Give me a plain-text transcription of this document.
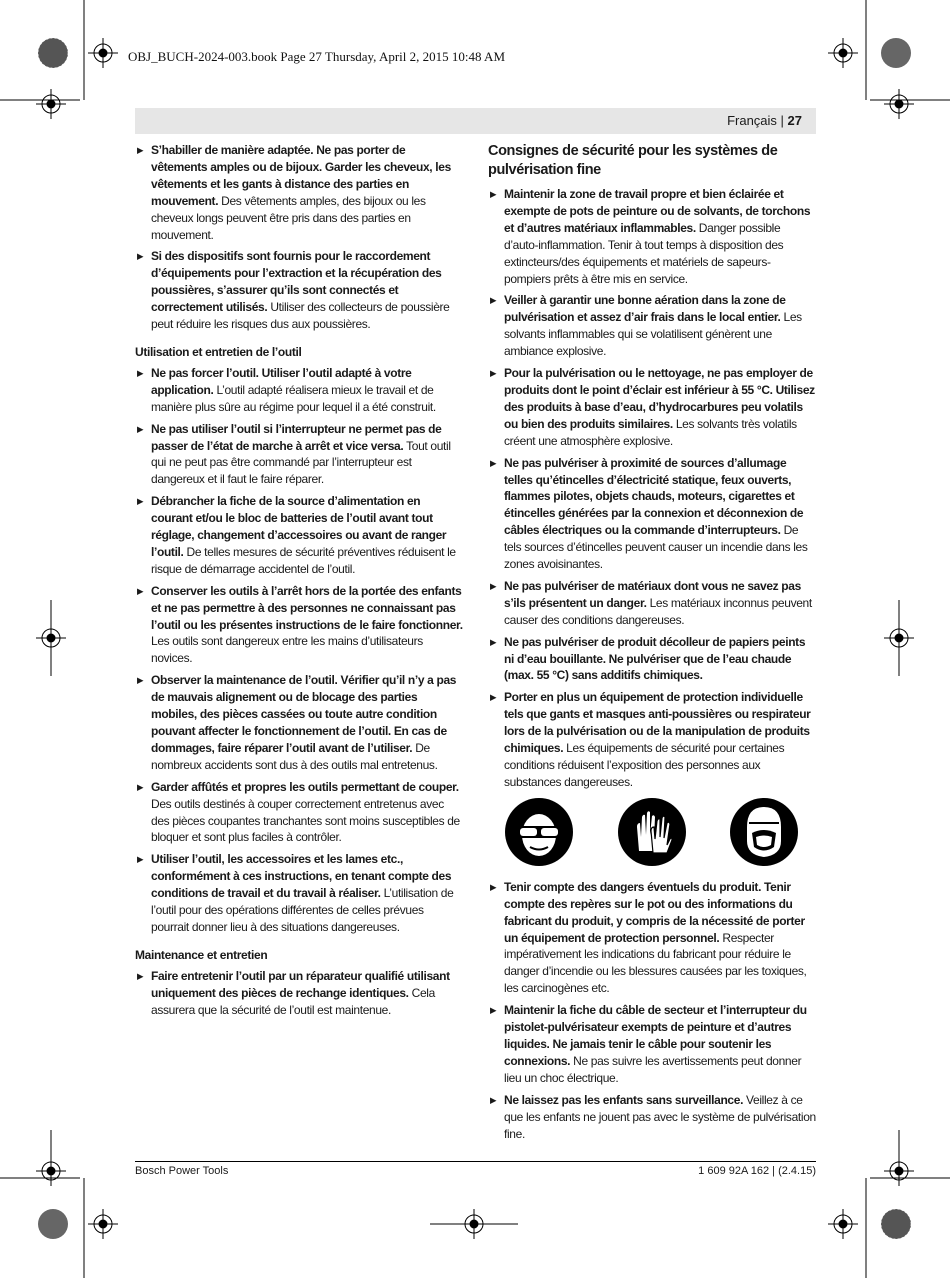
OBJ_BUCH-2024-003.book Page 27 Thursday, April 2, 2015 10:48 AM
Français | 27
▶ S’habiller de manière adaptée. Ne pas porter de vêtements amples ou de bijoux. Garder les cheveux, les vêtements et les gants à distance des parties en mouvement. Des vêtements amples, des bijoux ou les cheveux longs peuvent être pris dans des parties en mouvement.
▶ Si des dispositifs sont fournis pour le raccordement d’équipements pour l’extraction et la récupération des poussières, s’assurer qu’ils sont connectés et correctement utilisés. Utiliser des collecteurs de poussière peut réduire les risques dus aux poussières.
Utilisation et entretien de l’outil
▶ Ne pas forcer l’outil. Utiliser l’outil adapté à votre application. L’outil adapté réalisera mieux le travail et de manière plus sûre au régime pour lequel il a été construit.
▶ Ne pas utiliser l’outil si l’interrupteur ne permet pas de passer de l’état de marche à arrêt et vice versa. Tout outil qui ne peut pas être commandé par l’interrupteur est dangereux et il faut le faire réparer.
▶ Débrancher la fiche de la source d’alimentation en courant et/ou le bloc de batteries de l’outil avant tout réglage, changement d’accessoires ou avant de ranger l’outil. De telles mesures de sécurité préventives réduisent le risque de démarrage accidentel de l’outil.
▶ Conserver les outils à l’arrêt hors de la portée des enfants et ne pas permettre à des personnes ne connaissant pas l’outil ou les présentes instructions de le faire fonctionner. Les outils sont dangereux entre les mains d’utilisateurs novices.
▶ Observer la maintenance de l’outil. Vérifier qu’il n’y a pas de mauvais alignement ou de blocage des parties mobiles, des pièces cassées ou toute autre condition pouvant affecter le fonctionnement de l’outil. En cas de dommages, faire réparer l’outil avant de l’utiliser. De nombreux accidents sont dus à des outils mal entretenus.
▶ Garder affûtés et propres les outils permettant de couper. Des outils destinés à couper correctement entretenus avec des pièces coupantes tranchantes sont moins susceptibles de bloquer et sont plus faciles à contrôler.
▶ Utiliser l’outil, les accessoires et les lames etc., conformément à ces instructions, en tenant compte des conditions de travail et du travail à réaliser. L’utilisation de l’outil pour des opérations différentes de celles prévues pourrait donner lieu à des situations dangereuses.
Maintenance et entretien
▶ Faire entretenir l’outil par un réparateur qualifié utilisant uniquement des pièces de rechange identiques. Cela assurera que la sécurité de l’outil est maintenue.
Consignes de sécurité pour les systèmes de pulvérisation fine
▶ Maintenir la zone de travail propre et bien éclairée et exempte de pots de peinture ou de solvants, de torchons et d’autres matériaux inflammables. Danger possible d’auto-inflammation. Tenir à tout temps à disposition des extincteurs/des équipements et matériels de sapeurs-pompiers prêts à être mis en service.
▶ Veiller à garantir une bonne aération dans la zone de pulvérisation et assez d’air frais dans le local entier. Les solvants inflammables qui se volatilisent génèrent une ambiance explosive.
▶ Pour la pulvérisation ou le nettoyage, ne pas employer de produits dont le point d’éclair est inférieur à 55 °C. Utilisez des produits à base d’eau, d’hydrocarbures peu volatils ou bien des produits similaires. Les solvants très volatils créent une atmosphère explosive.
▶ Ne pas pulvériser à proximité de sources d’allumage telles qu’étincelles d’électricité statique, feux ouverts, flammes pilotes, objets chauds, moteurs, cigarettes et étincelles générées par la connexion et déconnexion de câbles électriques ou la commande d’interrupteurs. De tels sources d’étincelles peuvent causer un incendie dans les zones avoisinantes.
▶ Ne pas pulvériser de matériaux dont vous ne savez pas s’ils présentent un danger. Les matériaux inconnus peuvent causer des conditions dangereuses.
▶ Ne pas pulvériser de produit décolleur de papiers peints ni d’eau bouillante. Ne pulvériser que de l’eau chaude (max. 55 °C) sans additifs chimiques.
▶ Porter en plus un équipement de protection individuelle tels que gants et masques anti-poussières ou respirateur lors de la pulvérisation ou de la manipulation de produits chimiques. Les équipements de sécurité pour certaines conditions réduisent l’exposition des personnes aux substances dangereuses.
▶ Tenir compte des dangers éventuels du produit. Tenir compte des repères sur le pot ou des informations du fabricant du produit, y compris de la nécessité de porter un équipement de protection personnel. Respecter impérativement les indications du fabricant pour réduire le danger d’incendie ou les blessures causées par les toxiques, les carcinogènes etc.
▶ Maintenir la fiche du câble de secteur et l’interrupteur du pistolet-pulvérisateur exempts de peinture et d’autres liquides. Ne jamais tenir le câble pour soutenir les connexions. Ne pas suivre les avertissements peut donner lieu un choc électrique.
▶ Ne laissez pas les enfants sans surveillance. Veillez à ce que les enfants ne jouent pas avec le système de pulvérisation fine.
Bosch Power Tools	1 609 92A 162 | (2.4.15)
